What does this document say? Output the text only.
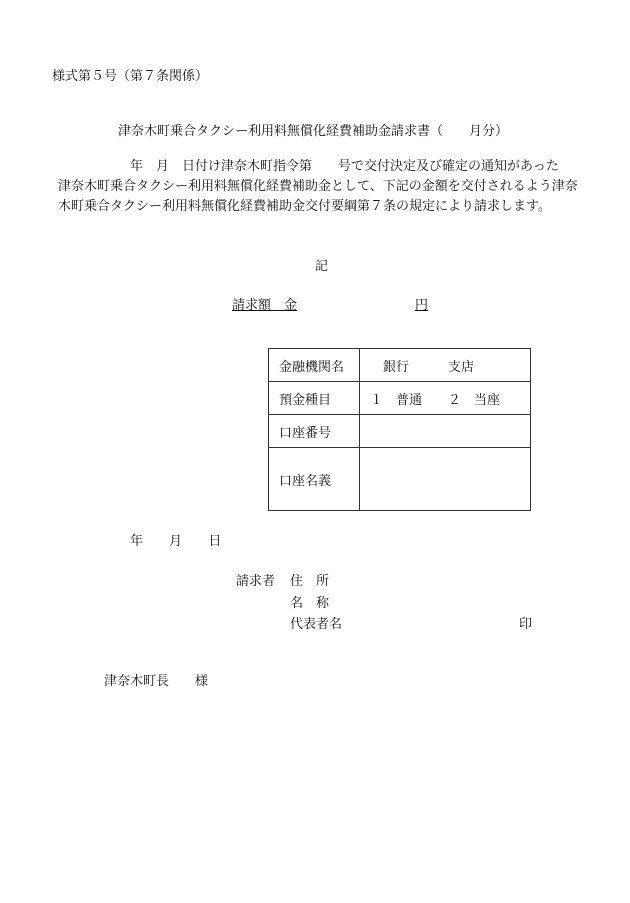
様式第５号（第７条関係）
津奈木町乗合タクシー利用料無償化経費補助金請求書（　　月分）
年　月　日付け津奈木町指令第　　号で交付決定及び確定の通知があった
津奈木町乗合タクシー利用料無償化経費補助金として、下記の金額を交付されるよう津奈木町乗合タクシー利用料無償化経費補助金交付要綱第７条の規定により請求します。
記
請求額　金	円
金融機関名	　銀行　　　支店
預金種目	１　普通　　２　当座
口座番号	
口座名義	
年 月 日
請求者 住　所
名　称
代表者名	印
津奈木町長　　様
